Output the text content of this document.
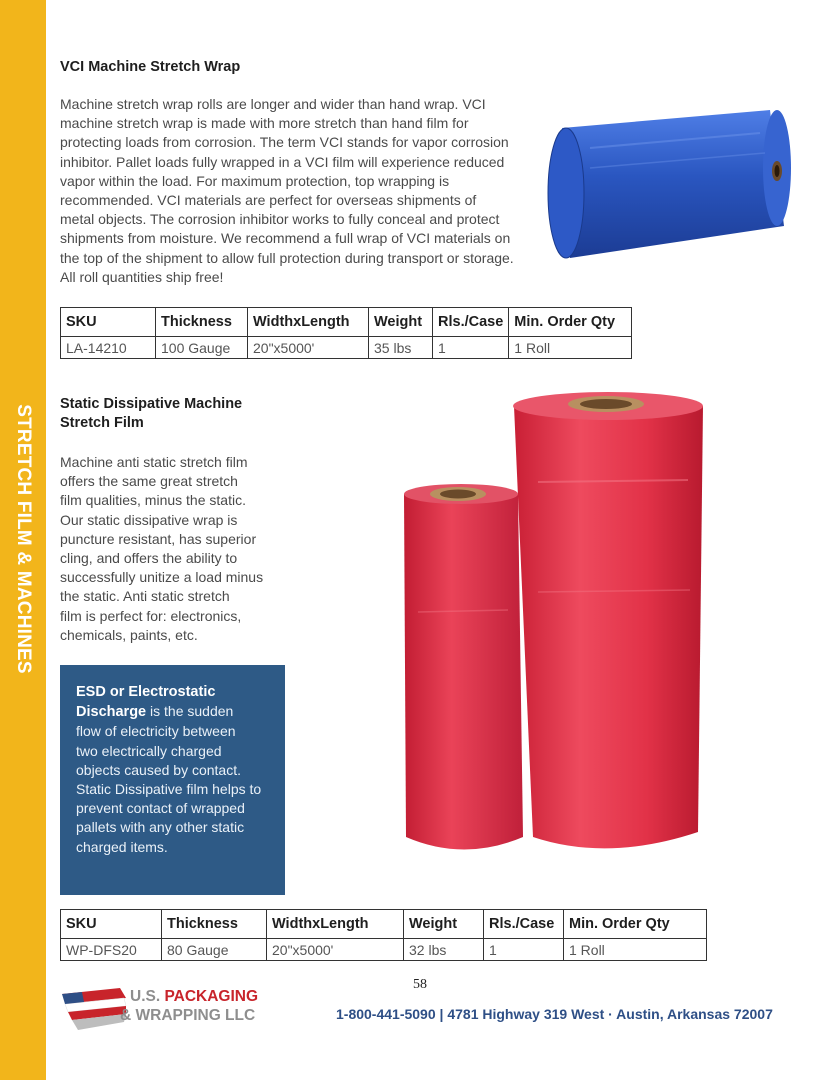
STRETCH FILM & MACHINES
VCI Machine Stretch Wrap
Machine stretch wrap rolls are longer and wider than hand wrap. VCI
machine stretch wrap is made with more stretch than hand film for
protecting loads from corrosion. The term VCI stands for vapor corrosion
inhibitor. Pallet loads fully wrapped in a VCI film will experience reduced
vapor within the load. For maximum protection, top wrapping is
recommended. VCI materials are perfect for overseas shipments of
metal objects. The corrosion inhibitor works to fully conceal and protect
shipments from moisture. We recommend a full wrap of VCI materials on
the top of the shipment to allow full protection during transport or storage.
All roll quantities ship free!
SKU	Thickness	WidthxLength	Weight	Rls./Case	Min. Order Qty
LA-14210	100 Gauge	20"x5000'	35 lbs	1	1 Roll
Static Dissipative Machine
Stretch Film
Machine anti static stretch film
offers the same great stretch
film qualities, minus the static.
Our static dissipative wrap is
puncture resistant, has superior
cling, and offers the ability to
successfully unitize a load minus
the static. Anti static stretch
film is perfect for: electronics,
chemicals, paints, etc.
ESD or Electrostatic
Discharge is the sudden
flow of electricity between
two electrically charged
objects caused by contact.
Static Dissipative film helps to
prevent contact of wrapped
pallets with any other static
charged items.
SKU	Thickness	WidthxLength	Weight	Rls./Case	Min. Order Qty
WP-DFS20	80 Gauge	20"x5000'	32 lbs	1	1 Roll
58
U.S. PACKAGING
& WRAPPING LLC	1-800-441-5090 | 4781 Highway 319 West · Austin, Arkansas 72007
